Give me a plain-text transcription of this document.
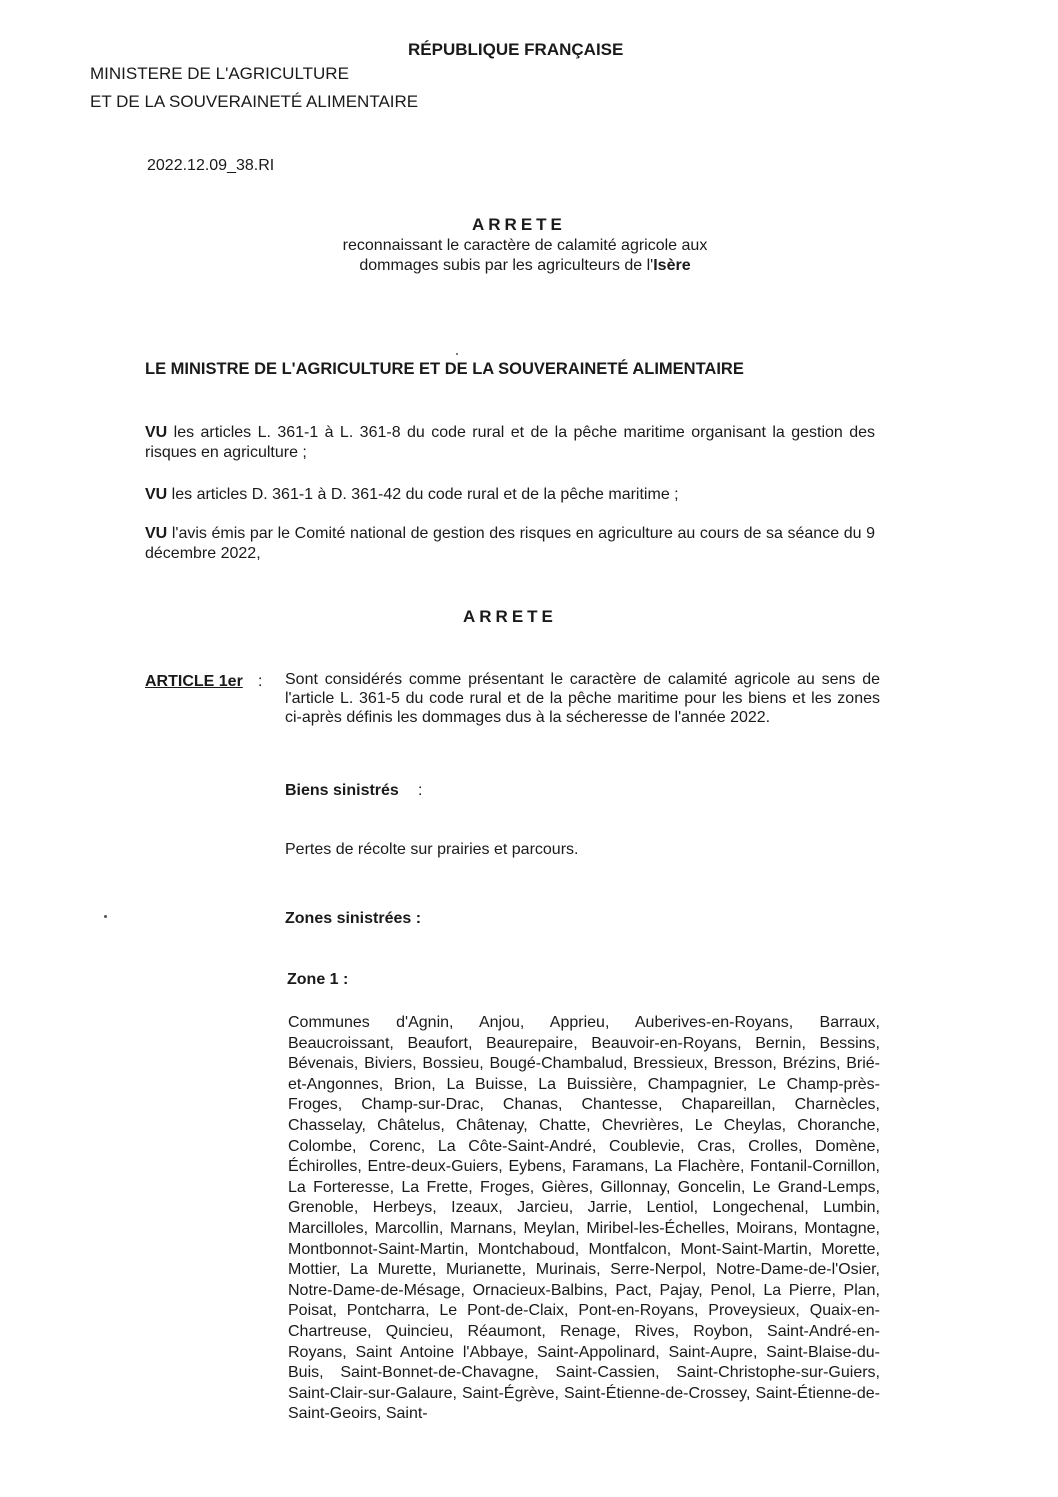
RÉPUBLIQUE FRANÇAISE
MINISTERE DE L'AGRICULTURE
ET DE LA SOUVERAINETÉ ALIMENTAIRE
2022.12.09_38.RI
ARRETE
reconnaissant le caractère de calamité agricole aux dommages subis par les agriculteurs de l'Isère
LE MINISTRE DE L'AGRICULTURE ET DE LA SOUVERAINETÉ ALIMENTAIRE
VU les articles L. 361-1 à L. 361-8 du code rural et de la pêche maritime organisant la gestion des risques en agriculture ;
VU les articles D. 361-1 à D. 361-42 du code rural et de la pêche maritime ;
VU l'avis émis par le Comité national de gestion des risques en agriculture au cours de sa séance du 9 décembre 2022,
ARRETE
ARTICLE 1er : Sont considérés comme présentant le caractère de calamité agricole au sens de l'article L. 361-5 du code rural et de la pêche maritime pour les biens et les zones ci-après définis les dommages dus à la sécheresse de l'année 2022.
Biens sinistrés :
Pertes de récolte sur prairies et parcours.
Zones sinistrées :
Zone 1 :
Communes d'Agnin, Anjou, Apprieu, Auberives-en-Royans, Barraux, Beaucroissant, Beaufort, Beaurepaire, Beauvoir-en-Royans, Bernin, Bessins, Bévenais, Biviers, Bossieu, Bougé-Chambalud, Bressieux, Bresson, Brézins, Brié-et-Angonnes, Brion, La Buisse, La Buissière, Champagnier, Le Champ-près-Froges, Champ-sur-Drac, Chanas, Chantesse, Chapareillan, Charnècles, Chasselay, Châtelus, Châtenay, Chatte, Chevrières, Le Cheylas, Choranche, Colombe, Corenc, La Côte-Saint-André, Coublevie, Cras, Crolles, Domène, Échirolles, Entre-deux-Guiers, Eybens, Faramans, La Flachère, Fontanil-Cornillon, La Forteresse, La Frette, Froges, Gières, Gillonnay, Goncelin, Le Grand-Lemps, Grenoble, Herbeys, Izeaux, Jarcieu, Jarrie, Lentiol, Longechenal, Lumbin, Marcilloles, Marcollin, Marnans, Meylan, Miribel-les-Échelles, Moirans, Montagne, Montbonnot-Saint-Martin, Montchaboud, Montfalcon, Mont-Saint-Martin, Morette, Mottier, La Murette, Murianette, Murinais, Serre-Nerpol, Notre-Dame-de-l'Osier, Notre-Dame-de-Mésage, Ornacieux-Balbins, Pact, Pajay, Penol, La Pierre, Plan, Poisat, Pontcharra, Le Pont-de-Claix, Pont-en-Royans, Proveysieux, Quaix-en-Chartreuse, Quincieu, Réaumont, Renage, Rives, Roybon, Saint-André-en-Royans, Saint Antoine l'Abbaye, Saint-Appolinard, Saint-Aupre, Saint-Blaise-du-Buis, Saint-Bonnet-de-Chavagne, Saint-Cassien, Saint-Christophe-sur-Guiers, Saint-Clair-sur-Galaure, Saint-Égrève, Saint-Étienne-de-Crossey, Saint-Étienne-de-Saint-Geoirs, Saint-
